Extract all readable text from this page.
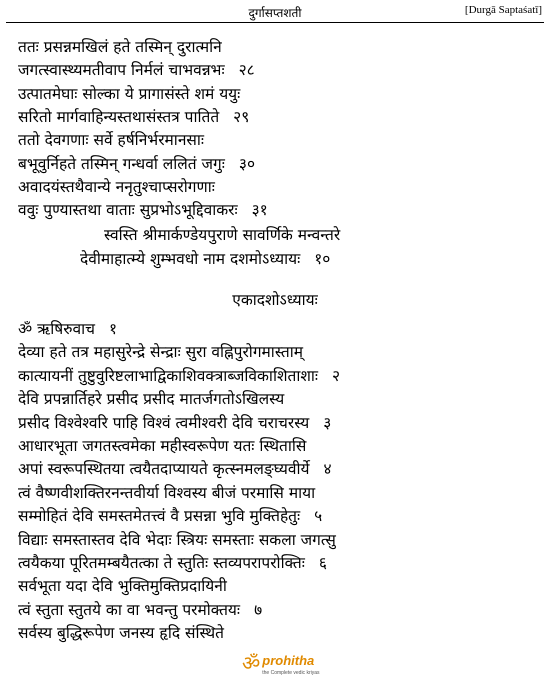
दुर्गासप्तशती	[Durgā Saptaśatī]
ततः प्रसन्नमखिलं हते तस्मिन् दुरात्मनि
जगत्स्वास्थ्यमतीवाप निर्मलं चाभवन्नभः २८
उत्पातमेघाः सोल्का ये प्रागासंस्ते शमं ययुः
सरितो मार्गवाहिन्यस्तथासंस्तत्र पातिते २९
ततो देवगणाः सर्वे हर्षनिर्भरमानसाः
बभूवुर्निहते तस्मिन् गन्धर्वा ललितं जगुः ३०
अवादयंस्तथैवान्ये ननृतुश्चाप्सरोगणाः
ववुः पुण्यास्तथा वाताः सुप्रभोऽभूद्दिवाकरः ३१
स्वस्ति श्रीमार्कण्डेयपुराणे सावर्णिके मन्वन्तरे
देवीमाहात्म्ये शुम्भवधो नाम दशमोऽध्यायः १०
एकादशोऽध्यायः
ॐ ऋषिरुवाच १
देव्या हते तत्र महासुरेन्द्रे सेन्द्राः सुरा वह्निपुरोगमास्ताम्
कात्यायनीं तुष्टुवुरिष्टलाभाद्विकाशिवक्त्राब्जविकाशिताशाः २
देवि प्रपन्नार्तिहरे प्रसीद प्रसीद मातर्जगतोऽखिलस्य
प्रसीद विश्वेश्वरि पाहि विश्वं त्वमीश्वरी देवि चराचरस्य ३
आधारभूता जगतस्त्वमेका महीस्वरूपेण यतः स्थितासि
अपां स्वरूपस्थितया त्वयैतदाप्यायते कृत्स्नमलङ्घ्यवीर्ये ४
त्वं वैष्णवीशक्तिरनन्तवीर्या विश्वस्य बीजं परमासि माया
सम्मोहितं देवि समस्तमेतत्त्वं वै प्रसन्ना भुवि मुक्तिहेतुः ५
विद्याः समस्तास्तव देवि भेदाः स्त्रियः समस्ताः सकला जगत्सु
त्वयैकया पूरितमम्बयैतत्का ते स्तुतिः स्तव्यपरापरोक्तिः ६
सर्वभूता यदा देवि भुक्तिमुक्तिप्रदायिनी
त्वं स्तुता स्तुतये का वा भवन्तु परमोक्तयः ७
सर्वस्य बुद्धिरूपेण जनस्य हृदि संस्थिते
ॐ prohitha
the Complete vedic kriyas
